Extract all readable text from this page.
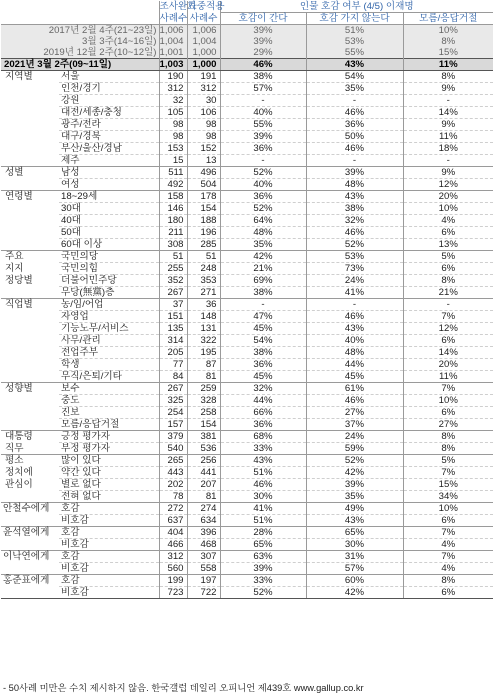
		조사완료	가중적용	인물 호감 여부 (4/5) 이재명		
		사례수	사례수	호감이 간다	호감 가지 않는다	모름/응답거절
2017년 2월 4주(21~23일)		1,006	1,006	39%	51%	10%
3월 3주(14~16일)		1,004	1,004	39%	53%	8%
2019년 12월 2주(10~12일)		1,001	1,000	29%	55%	15%
2021년 3월 2주(09~11일)		1,003	1,000	46%	43%	11%
지역별	서울	190	191	38%	54%	8%
	인천/경기	312	312	57%	35%	9%
	강원	32	30	-	-	-
	대전/세종/충청	105	106	40%	46%	14%
	광주/전라	98	98	55%	36%	9%
	대구/경북	98	98	39%	50%	11%
	부산/울산/경남	153	152	36%	46%	18%
	제주	15	13	-	-	-
성별	남성	511	496	52%	39%	9%
	여성	492	504	40%	48%	12%
연령별	18~29세	158	178	36%	43%	20%
	30대	146	154	52%	38%	10%
	40대	180	188	64%	32%	4%
	50대	211	196	48%	46%	6%
	60대 이상	308	285	35%	52%	13%
주요	국민의당	51	51	42%	53%	5%
지지	국민의힘	255	248	21%	73%	6%
정당별	더불어민주당	352	353	69%	24%	8%
	무당(無黨)층	267	271	38%	41%	21%
직업별	농/임/어업	37	36	-	-	-
	자영업	151	148	47%	46%	7%
	기능노무/서비스	135	131	45%	43%	12%
	사무/관리	314	322	54%	40%	6%
	전업주부	205	195	38%	48%	14%
	학생	77	87	36%	44%	20%
	무직/은퇴/기타	84	81	45%	45%	11%
성향별	보수	267	259	32%	61%	7%
	중도	325	328	44%	46%	10%
	진보	254	258	66%	27%	6%
	모름/응답거절	157	154	36%	37%	27%
대통령	긍정 평가자	379	381	68%	24%	8%
직무	부정 평가자	540	536	33%	59%	8%
평소	많이 있다	265	256	43%	52%	5%
정치에	약간 있다	443	441	51%	42%	7%
관심이	별로 없다	202	207	46%	39%	15%
	전혀 없다	78	81	30%	35%	34%
안철수에게	호감	272	274	41%	49%	10%
	비호감	637	634	51%	43%	6%
윤석열에게	호감	404	396	28%	65%	7%
	비호감	466	468	65%	30%	4%
이낙연에게	호감	312	307	63%	31%	7%
	비호감	560	558	39%	57%	4%
홍준표에게	호감	199	197	33%	60%	8%
	비호감	723	722	52%	42%	6%
- 50사례 미만은 수치 제시하지 않음. 한국갤럽 데일리 오피니언 제439호 www.gallup.co.kr
